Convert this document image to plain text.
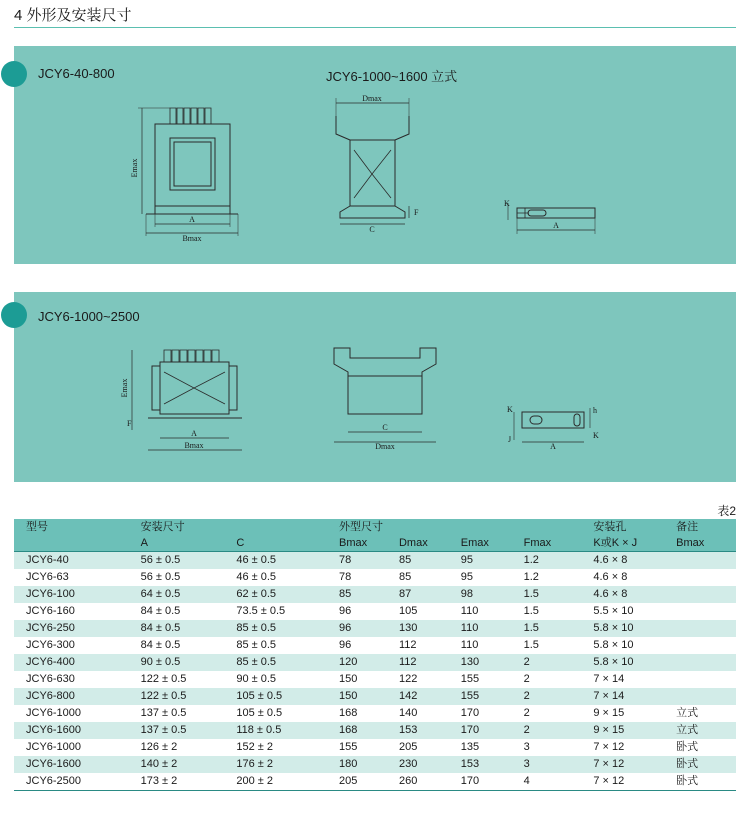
4 外形及安装尺寸
JCY6-40-800	JCY6-1000~1600 立式
Emax
A
Bmax
Dmax
F
C
K
A
JCY6-1000~2500
Emax
F
A
Bmax
C
Dmax
K
J
h
K
A
表2
型号	安装尺寸		外型尺寸				安装孔	备注
	A	C	Bmax	Dmax	Emax	Fmax	K或K × J	Bmax
JCY6-40	56 ± 0.5	46 ± 0.5	78	85	95	1.2	4.6 × 8	
JCY6-63	56 ± 0.5	46 ± 0.5	78	85	95	1.2	4.6 × 8	
JCY6-100	64 ± 0.5	62 ± 0.5	85	87	98	1.5	4.6 × 8	
JCY6-160	84 ± 0.5	73.5 ± 0.5	96	105	110	1.5	5.5 × 10	
JCY6-250	84 ± 0.5	85 ± 0.5	96	130	110	1.5	5.8 × 10	
JCY6-300	84 ± 0.5	85 ± 0.5	96	112	110	1.5	5.8 × 10	
JCY6-400	90 ± 0.5	85 ± 0.5	120	112	130	2	5.8 × 10	
JCY6-630	122 ± 0.5	90 ± 0.5	150	122	155	2	7 × 14	
JCY6-800	122 ± 0.5	105 ± 0.5	150	142	155	2	7 × 14	
JCY6-1000	137 ± 0.5	105 ± 0.5	168	140	170	2	9 × 15	立式
JCY6-1600	137 ± 0.5	118 ± 0.5	168	153	170	2	9 × 15	立式
JCY6-1000	126 ± 2	152 ± 2	155	205	135	3	7 × 12	卧式
JCY6-1600	140 ± 2	176 ± 2	180	230	153	3	7 × 12	卧式
JCY6-2500	173 ± 2	200 ± 2	205	260	170	4	7 × 12	卧式
